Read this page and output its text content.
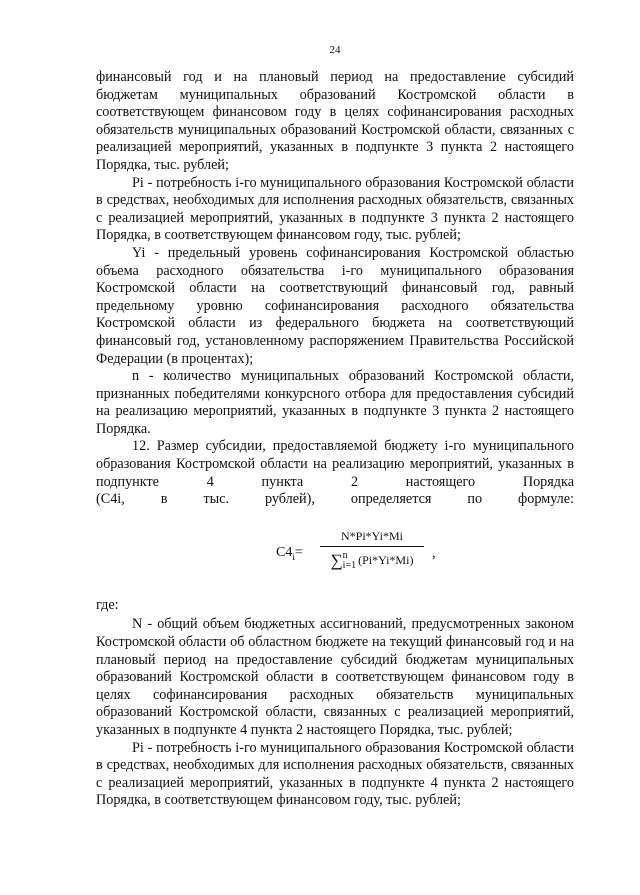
24

финансовый год и на плановый период на предоставление субсидий бюджетам муниципальных образований Костромской области в соответствующем финансовом году в целях софинансирования расходных обязательств муниципальных образований Костромской области, связанных с реализацией мероприятий, указанных в подпункте 3 пункта 2 настоящего Порядка, тыс. рублей;

Pi - потребность i-го муниципального образования Костромской области в средствах, необходимых для исполнения расходных обязательств, связанных с реализацией мероприятий, указанных в подпункте 3 пункта 2 настоящего Порядка, в соответствующем финансовом году, тыс. рублей;

Yi - предельный уровень софинансирования Костромской областью объема расходного обязательства i-го муниципального образования Костромской области на соответствующий финансовый год, равный предельному уровню софинансирования расходного обязательства Костромской области из федерального бюджета на соответствующий финансовый год, установленному распоряжением Правительства Российской Федерации (в процентах);

n - количество муниципальных образований Костромской области, признанных победителями конкурсного отбора для предоставления субсидий на реализацию мероприятий, указанных в подпункте 3 пункта 2 настоящего Порядка.

12. Размер субсидии, предоставляемой бюджету i-го муниципального образования Костромской области на реализацию мероприятий, указанных в подпункте 4 пункта 2 настоящего Порядка

(C4i, в тыс. рублей), определяется по формуле:

$C4_i=$
N*Pi*Yi*Mi
∑n
i=1 (Pi*Yi*Mi)	,

где:

N - общий объем бюджетных ассигнований, предусмотренных законом Костромской области об областном бюджете на текущий финансовый год и на плановый период на предоставление субсидий бюджетам муниципальных образований Костромской области в соответствующем финансовом году в целях софинансирования расходных обязательств муниципальных образований Костромской области, связанных с реализацией мероприятий, указанных в подпункте 4 пункта 2 настоящего Порядка, тыс. рублей;

Pi - потребность i-го муниципального образования Костромской области в средствах, необходимых для исполнения расходных обязательств, связанных с реализацией мероприятий, указанных в подпункте 4 пункта 2 настоящего Порядка, в соответствующем финансовом году, тыс. рублей;
